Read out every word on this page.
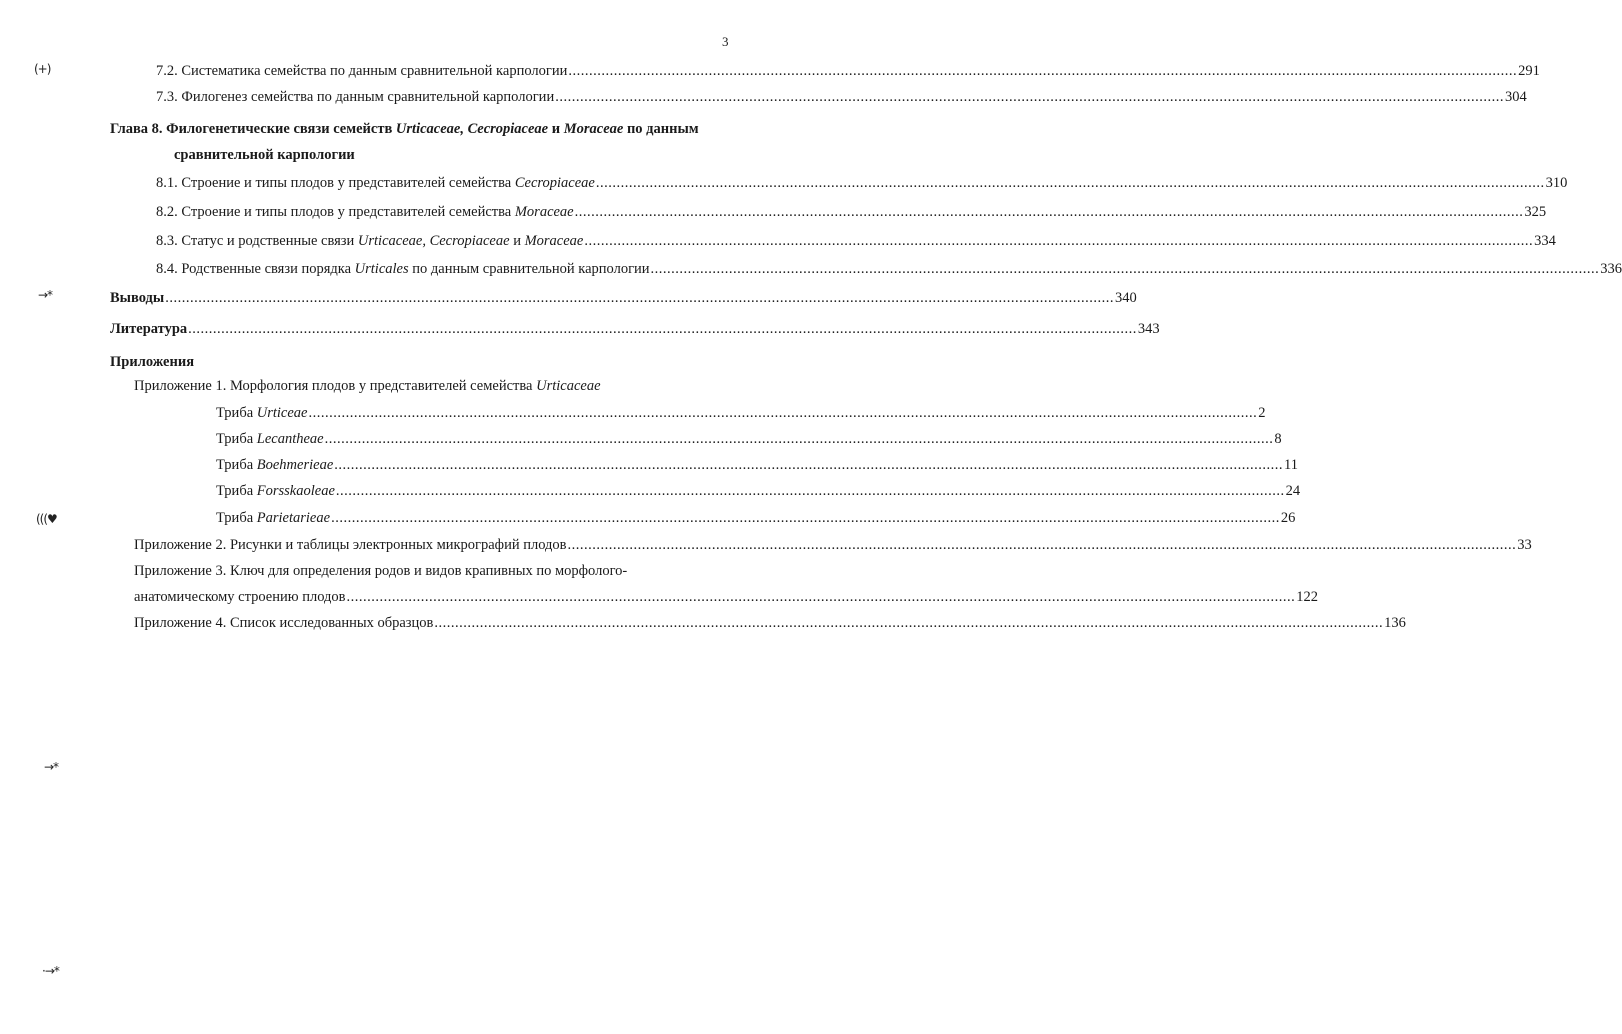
3
(+)
→*
(((♥
→*
·→*
7.2. Систематика семейства по данным сравнительной карпологии ...................................................................................................................................................................................................................................... 291
7.3. Филогенез семейства по данным сравнительной карпологии ...................................................................................................................................................................................................................................... 304
Глава 8. Филогенетические связи семейств Urticaceae, Cecropiaceae и Moraceae по данным
сравнительной карпологии
8.1. Строение и типы плодов у представителей семейства Cecropiaceae ...................................................................................................................................................................................................................................... 310
8.2. Строение и типы плодов у представителей семейства Moraceae ...................................................................................................................................................................................................................................... 325
8.3. Статус и родственные связи Urticaceae, Cecropiaceae и Moraceae ...................................................................................................................................................................................................................................... 334
8.4. Родственные связи порядка Urticales по данным сравнительной карпологии ...................................................................................................................................................................................................................................... 336
Выводы ...................................................................................................................................................................................................................................... 340
Литература ...................................................................................................................................................................................................................................... 343
Приложения
Приложение 1. Морфология плодов у представителей семейства Urticaceae
Триба Urticeae ...................................................................................................................................................................................................................................... 2
Триба Lecantheae ...................................................................................................................................................................................................................................... 8
Триба Boehmerieae ...................................................................................................................................................................................................................................... 11
Триба Forsskaoleae ...................................................................................................................................................................................................................................... 24
Триба Parietarieae ...................................................................................................................................................................................................................................... 26
Приложение 2. Рисунки и таблицы электронных микрографий плодов ...................................................................................................................................................................................................................................... 33
Приложение 3. Ключ для определения родов и видов крапивных по морфолого-
анатомическому строению плодов ...................................................................................................................................................................................................................................... 122
Приложение 4. Список исследованных образцов ...................................................................................................................................................................................................................................... 136
